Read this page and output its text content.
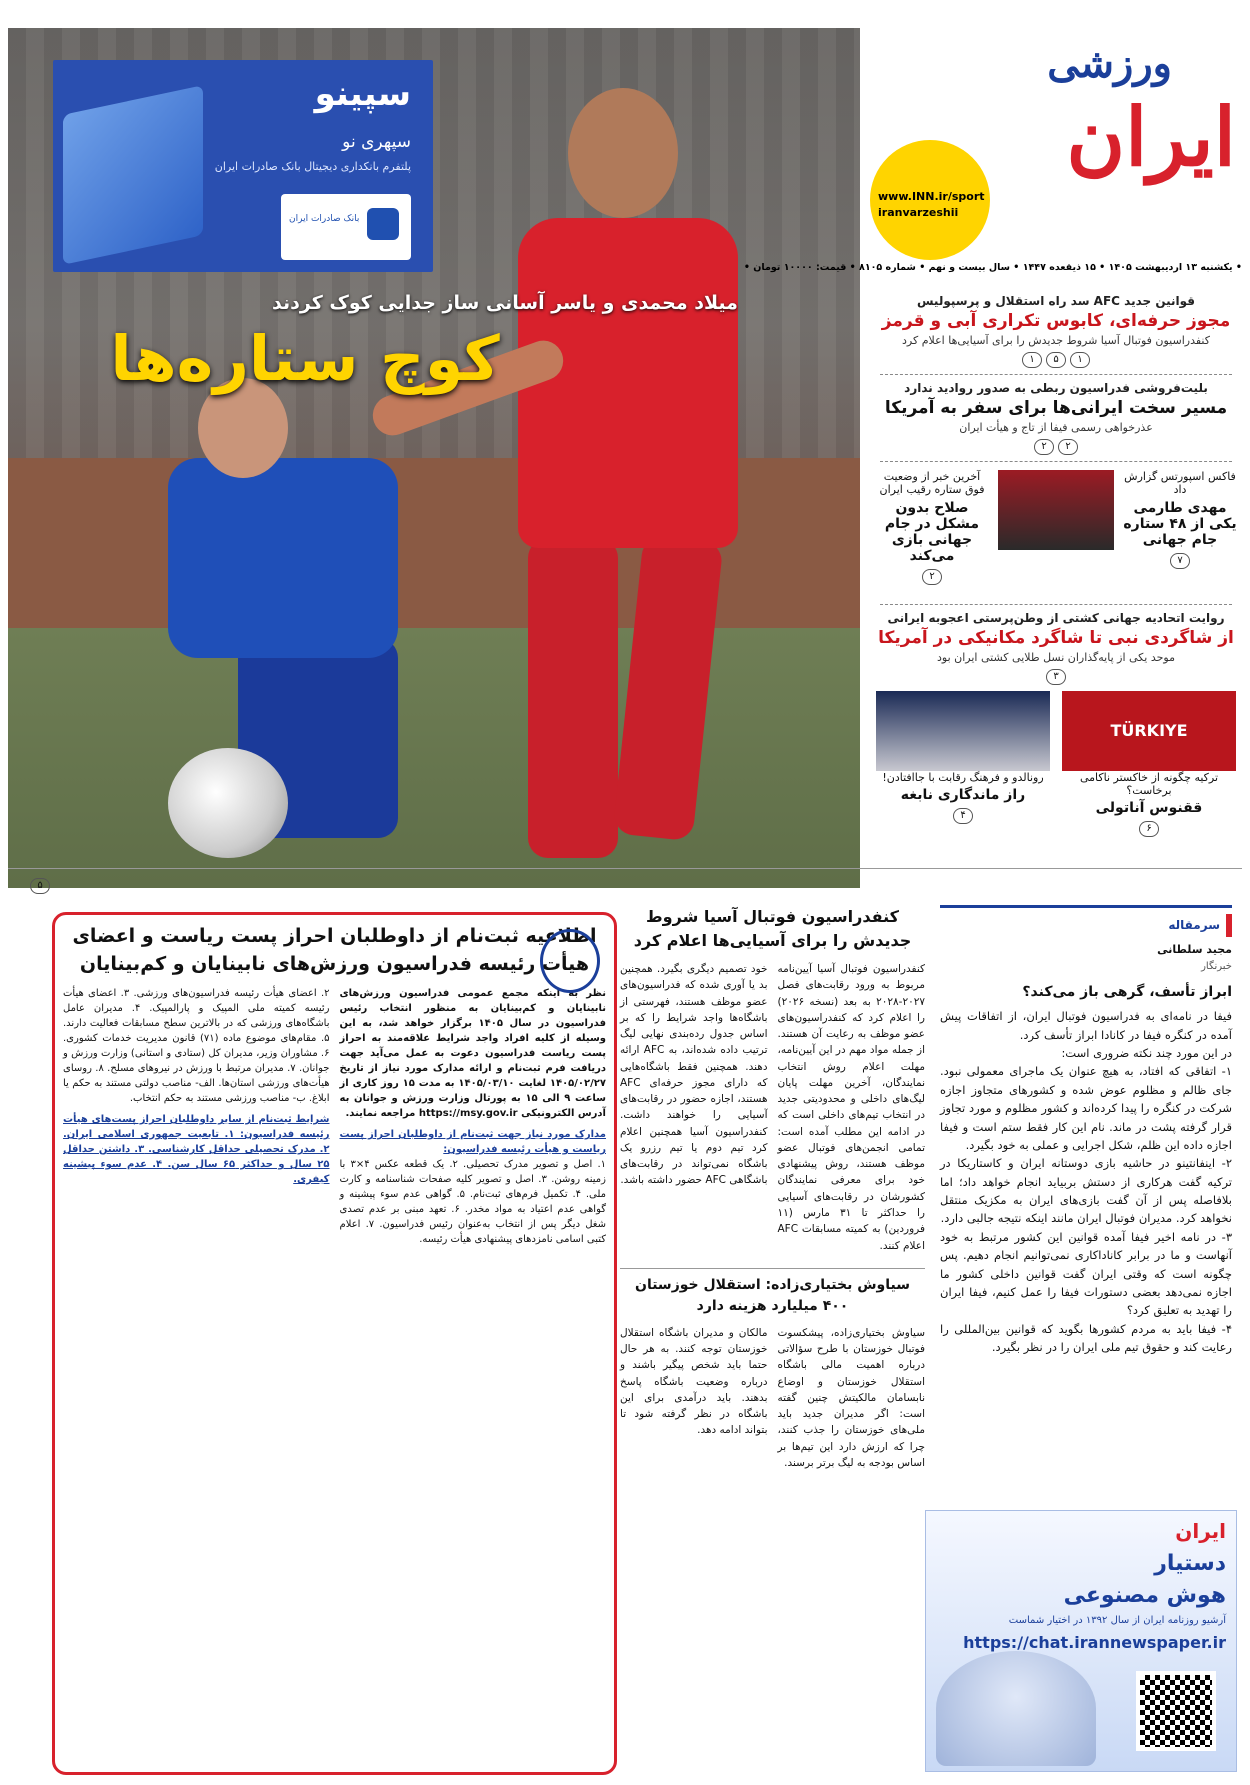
سپینو
سپهری نو
پلتفرم بانکداری دیجیتال بانک صادرات ایران
بانک صادرات ایران
میلاد محمدی و یاسر آسانی ساز جدایی کوک کردند
کوچ ستاره‌ها
ورزشی
ایران
www.INN.ir/sport
iranvarzeshii
• یکشنبه ۱۳ اردیبهشت ۱۴۰۵ • ۱۵ ذیقعده ۱۴۴۷ • سال بیست و نهم • شماره ۸۱۰۵ • قیمت: ۱۰۰۰۰ تومان •
قوانین جدید AFC سد راه استقلال و پرسپولیس
مجوز حرفه‌ای، کابوس تکراری آبی و قرمز
کنفدراسیون فوتبال آسیا شروط جدیدش را برای آسیایی‌ها اعلام کرد
۱	۵	۱
بلیت‌فروشی فدراسیون ربطی به صدور روادید ندارد
مسیر سخت ایرانی‌ها برای سفر به آمریکا
عذرخواهی رسمی فیفا از تاج و هیأت ایران
۲	۲
فاکس اسپورتس گزارش داد
مهدی طارمی یکی از ۴۸ ستاره جام جهانی
۷
آخرین خبر از وضعیت فوق ستاره رقیب ایران
صلاح بدون مشکل در جام جهانی بازی می‌کند
۲
روایت اتحادیه جهانی کشتی از وطن‌پرستی اعجوبه ایرانی
از شاگردی نبی تا شاگرد مکانیکی در آمریکا
موحد یکی از پایه‌گذاران نسل طلایی کشتی ایران بود
۳
TÜRKIYE
ترکیه چگونه از خاکستر ناکامی برخاست؟
ققنوس آناتولی
۶
رونالدو و فرهنگ رقابت با جاافتادن!
راز ماندگاری نابغه
۴
۵
سرمقاله
مجید سلطانی
خبرنگار
ابراز تأسف، گرهی باز می‌کند؟

فیفا در نامه‌ای به فدراسیون فوتبال ایران، از اتفاقات پیش آمده در کنگره فیفا در کانادا ابراز تأسف کرد.

در این مورد چند نکته ضروری است:

۱- اتفاقی که افتاد، به هیچ عنوان یک ماجرای معمولی نبود. جای ظالم و مظلوم عوض شده و کشورهای متجاوز اجازه شرکت در کنگره را پیدا کرده‌اند و کشور مظلوم و مورد تجاوز قرار گرفته پشت در ماند. نام این کار فقط ستم است و فیفا اجازه داده این ظلم، شکل اجرایی و عملی به خود بگیرد.

۲- اینفانتینو در حاشیه بازی دوستانه ایران و کاستاریکا در ترکیه گفت هرکاری از دستش بربیاید انجام خواهد داد؛ اما بلافاصله پس از آن گفت بازی‌های ایران به مکزیک منتقل نخواهد کرد. مدیران فوتبال ایران مانند اینکه نتیجه جالبی دارد.

۳- در نامه اخیر فیفا آمده قوانین این کشور مرتبط به خود آنهاست و ما در برابر کاناداکاری نمی‌توانیم انجام دهیم. پس چگونه است که وقتی ایران گفت قوانین داخلی کشور ما اجازه نمی‌دهد بعضی دستورات فیفا را عمل کنیم، فیفا ایران را تهدید به تعلیق کرد؟

۴- فیفا باید به مردم کشورها بگوید که قوانین بین‌المللی را رعایت کند و حقوق تیم ملی ایران را در نظر بگیرد.

ایران
دستیار
هوش مصنوعی
آرشیو روزنامه ایران از سال ۱۳۹۲ در اختیار شماست
https://chat.irannewspaper.ir
کنفدراسیون فوتبال آسیا شروط جدیدش را برای آسیایی‌ها اعلام کرد
کنفدراسیون فوتبال آسیا آیین‌نامه مربوط به ورود رقابت‌های فصل ۲۰۲۷-۲۰۲۸ به بعد (نسخه ۲۰۲۶) را اعلام کرد که کنفدراسیون‌های عضو موظف به رعایت آن هستند. از جمله مواد مهم در این آیین‌نامه، مهلت اعلام روش انتخاب نمایندگان، آخرین مهلت پایان لیگ‌های داخلی و محدودیتی جدید در انتخاب تیم‌های داخلی است که در ادامه این مطلب آمده است: تمامی انجمن‌های فوتبال عضو موظف هستند، روش پیشنهادی خود برای معرفی نمایندگان کشورشان در رقابت‌های آسیایی را حداکثر تا ۳۱ مارس (۱۱ فروردین) به کمیته مسابقات AFC اعلام کنند.
خود تصمیم دیگری بگیرد. همچنین بد یا آوری شده که فدراسیون‌های عضو موظف هستند، فهرستی از باشگاه‌ها واجد شرایط را که بر اساس جدول رده‌بندی نهایی لیگ ترتیب داده شده‌اند، به AFC ارائه دهند. همچنین فقط باشگاه‌هایی که دارای مجوز حرفه‌ای AFC هستند، اجازه حضور در رقابت‌های آسیایی را خواهند داشت. کنفدراسیون آسیا همچنین اعلام کرد تیم دوم یا تیم رزرو یک باشگاه نمی‌تواند در رقابت‌های باشگاهی AFC حضور داشته باشد.
سیاوش بختیاری‌زاده: استقلال خوزستان ۴۰۰ میلیارد هزینه دارد
سیاوش بختیاری‌زاده، پیشکسوت فوتبال خوزستان با طرح سؤالاتی درباره اهمیت مالی باشگاه استقلال خوزستان و اوضاع نابسامان مالکیتش چنین گفته است: اگر مدیران جدید باید ملی‌های خوزستان را جذب کنند، چرا که ارزش دارد این تیم‌ها بر اساس بودجه به لیگ برتر برسند.
مالکان و مدیران باشگاه استقلال خوزستان توجه کنند. به هر حال حتما باید شخص پیگیر باشند و درباره وضعیت باشگاه پاسخ بدهند. باید درآمدی برای این باشگاه در نظر گرفته شود تا بتواند ادامه دهد.
اطلاعیه ثبت‌نام از داوطلبان احراز پست ریاست و اعضای
هیأت رئیسه فدراسیون ورزش‌های نابینایان و کم‌بینایان

نظر به اینکه مجمع عمومی فدراسیون ورزش‌های نابینایان و کم‌بینایان به منظور انتخاب رئیس فدراسیون در سال ۱۴۰۵ برگزار خواهد شد، به این وسیله از کلیه افراد واجد شرایط علاقه‌مند به احراز پست ریاست فدراسیون دعوت به عمل می‌آید جهت دریافت فرم ثبت‌نام و ارائه مدارک مورد نیاز از تاریخ ۱۴۰۵/۰۲/۲۷ لغایت ۱۴۰۵/۰۳/۱۰ به مدت ۱۵ روز کاری از ساعت ۹ الی ۱۵ به پورتال وزارت ورزش و جوانان به آدرس الکترونیکی https://msy.gov.ir مراجعه نمایند.

مدارک مورد نیاز جهت ثبت‌نام از داوطلبان احراز پست ریاست و هیأت رئیسه فدراسیون:

۱. اصل و تصویر مدرک تحصیلی. ۲. یک قطعه عکس ۴×۳ با زمینه روشن. ۳. اصل و تصویر کلیه صفحات شناسنامه و کارت ملی. ۴. تکمیل فرم‌های ثبت‌نام. ۵. گواهی عدم سوء پیشینه و گواهی عدم اعتیاد به مواد مخدر. ۶. تعهد مبنی بر عدم تصدی شغل دیگر پس از انتخاب به‌عنوان رئیس فدراسیون. ۷. اعلام کتبی اسامی نامزدهای پیشنهادی هیأت رئیسه.

۲. اعضای هیأت رئیسه فدراسیون‌های ورزشی. ۳. اعضای هیأت رئیسه کمیته ملی المپیک و پارالمپیک. ۴. مدیران عامل باشگاه‌های ورزشی که در بالاترین سطح مسابقات فعالیت دارند. ۵. مقام‌های موضوع ماده (۷۱) قانون مدیریت خدمات کشوری. ۶. مشاوران وزیر، مدیران کل (ستادی و استانی) وزارت ورزش و جوانان. ۷. مدیران مرتبط با ورزش در نیروهای مسلح. ۸. روسای هیأت‌های ورزشی استان‌ها. الف- مناصب دولتی مستند به حکم یا ابلاغ. ب- مناصب ورزشی مستند به حکم انتخاب.

شرایط ثبت‌نام از سایر داوطلبان احراز پست‌های هیأت رئیسه فدراسیون: ۱. تابعیت جمهوری اسلامی ایران. ۲. مدرک تحصیلی حداقل کارشناسی. ۳. داشتن حداقل ۲۵ سال و حداکثر ۶۵ سال سن. ۴. عدم سوء پیشینه کیفری.
